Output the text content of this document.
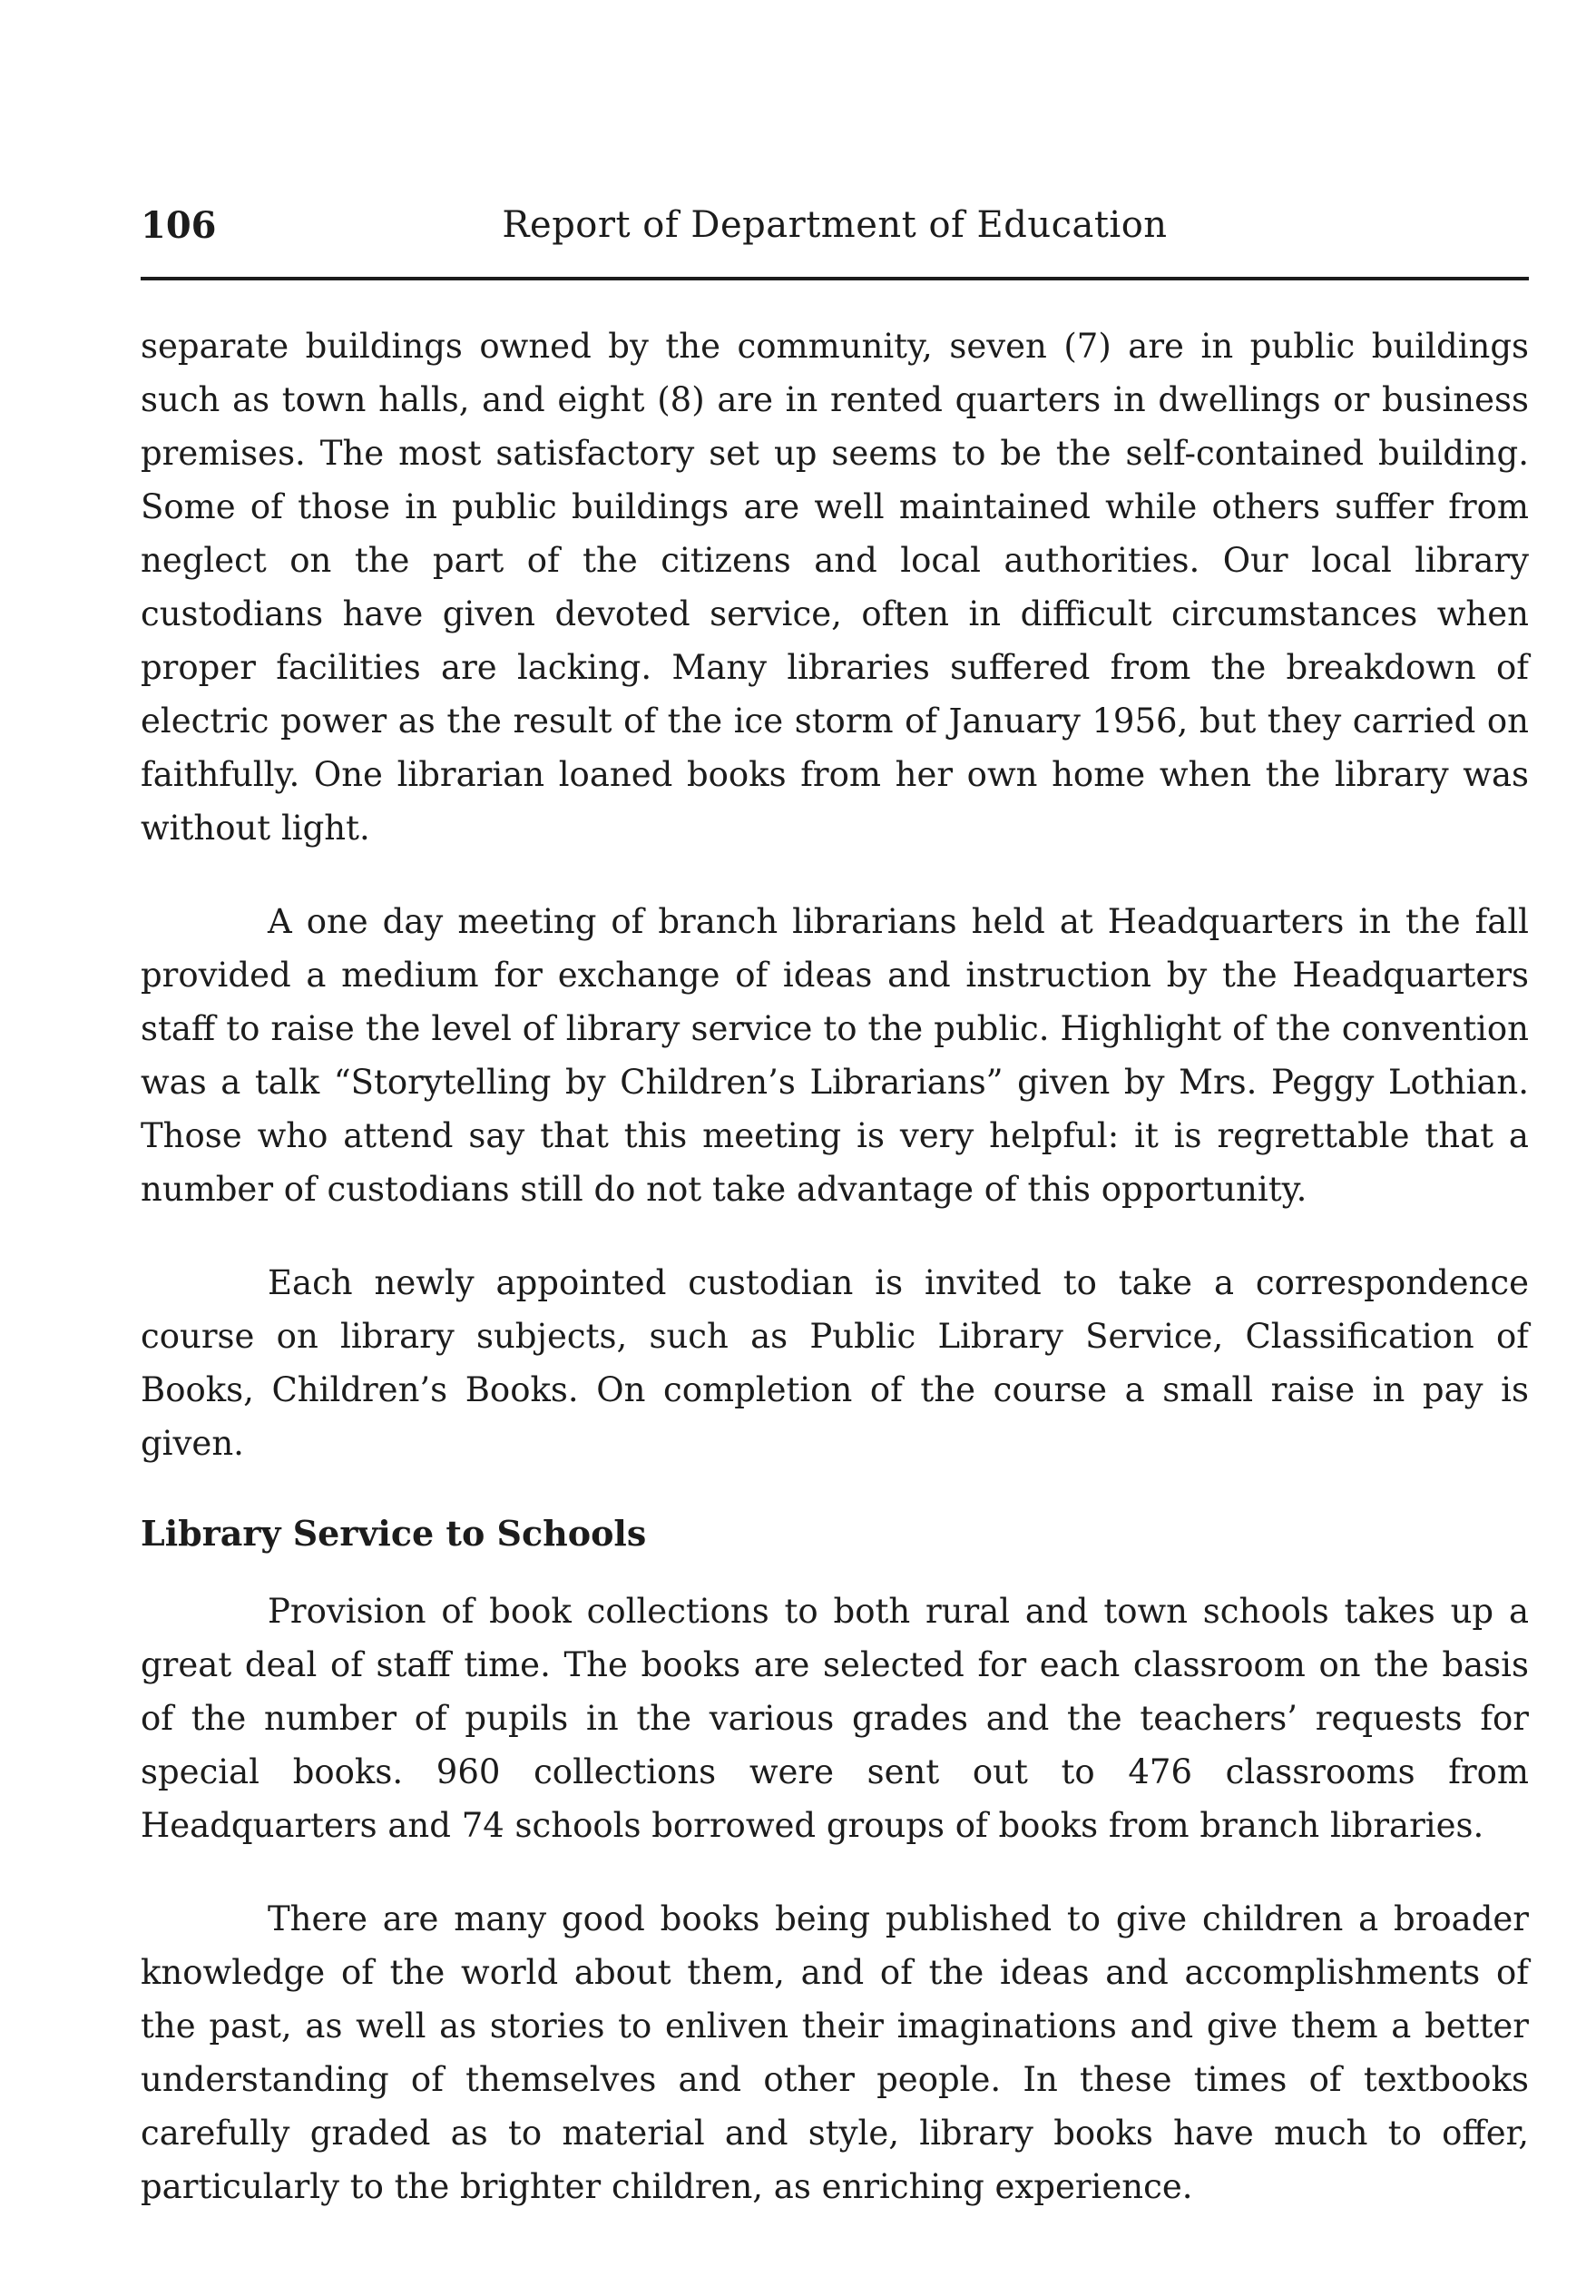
106	Report of Department of Education

separate buildings owned by the community, seven (7) are in public buildings such as town halls, and eight (8) are in rented quarters in dwellings or business premises. The most satisfactory set up seems to be the self-contained building. Some of those in public buildings are well maintained while others suffer from neglect on the part of the citizens and local authorities. Our local library custodians have given devoted service, often in difficult circumstances when proper facilities are lacking. Many libraries suffered from the breakdown of electric power as the result of the ice storm of January 1956, but they carried on faithfully. One librarian loaned books from her own home when the library was without light.

A one day meeting of branch librarians held at Headquarters in the fall provided a medium for exchange of ideas and instruction by the Headquarters staff to raise the level of library service to the public. Highlight of the convention was a talk “Storytelling by Children’s Librarians” given by Mrs. Peggy Lothian. Those who attend say that this meeting is very helpful: it is regrettable that a number of custodians still do not take advantage of this opportunity.

Each newly appointed custodian is invited to take a correspondence course on library subjects, such as Public Library Service, Classification of Books, Children’s Books. On completion of the course a small raise in pay is given.

Library Service to Schools

Provision of book collections to both rural and town schools takes up a great deal of staff time. The books are selected for each classroom on the basis of the number of pupils in the various grades and the teachers’ requests for special books. 960 collections were sent out to 476 classrooms from Headquarters and 74 schools borrowed groups of books from branch libraries.

There are many good books being published to give children a broader knowledge of the world about them, and of the ideas and accomplishments of the past, as well as stories to enliven their imaginations and give them a better understanding of themselves and other people. In these times of textbooks carefully graded as to material and style, library books have much to offer, particularly to the brighter children, as enriching experience.
